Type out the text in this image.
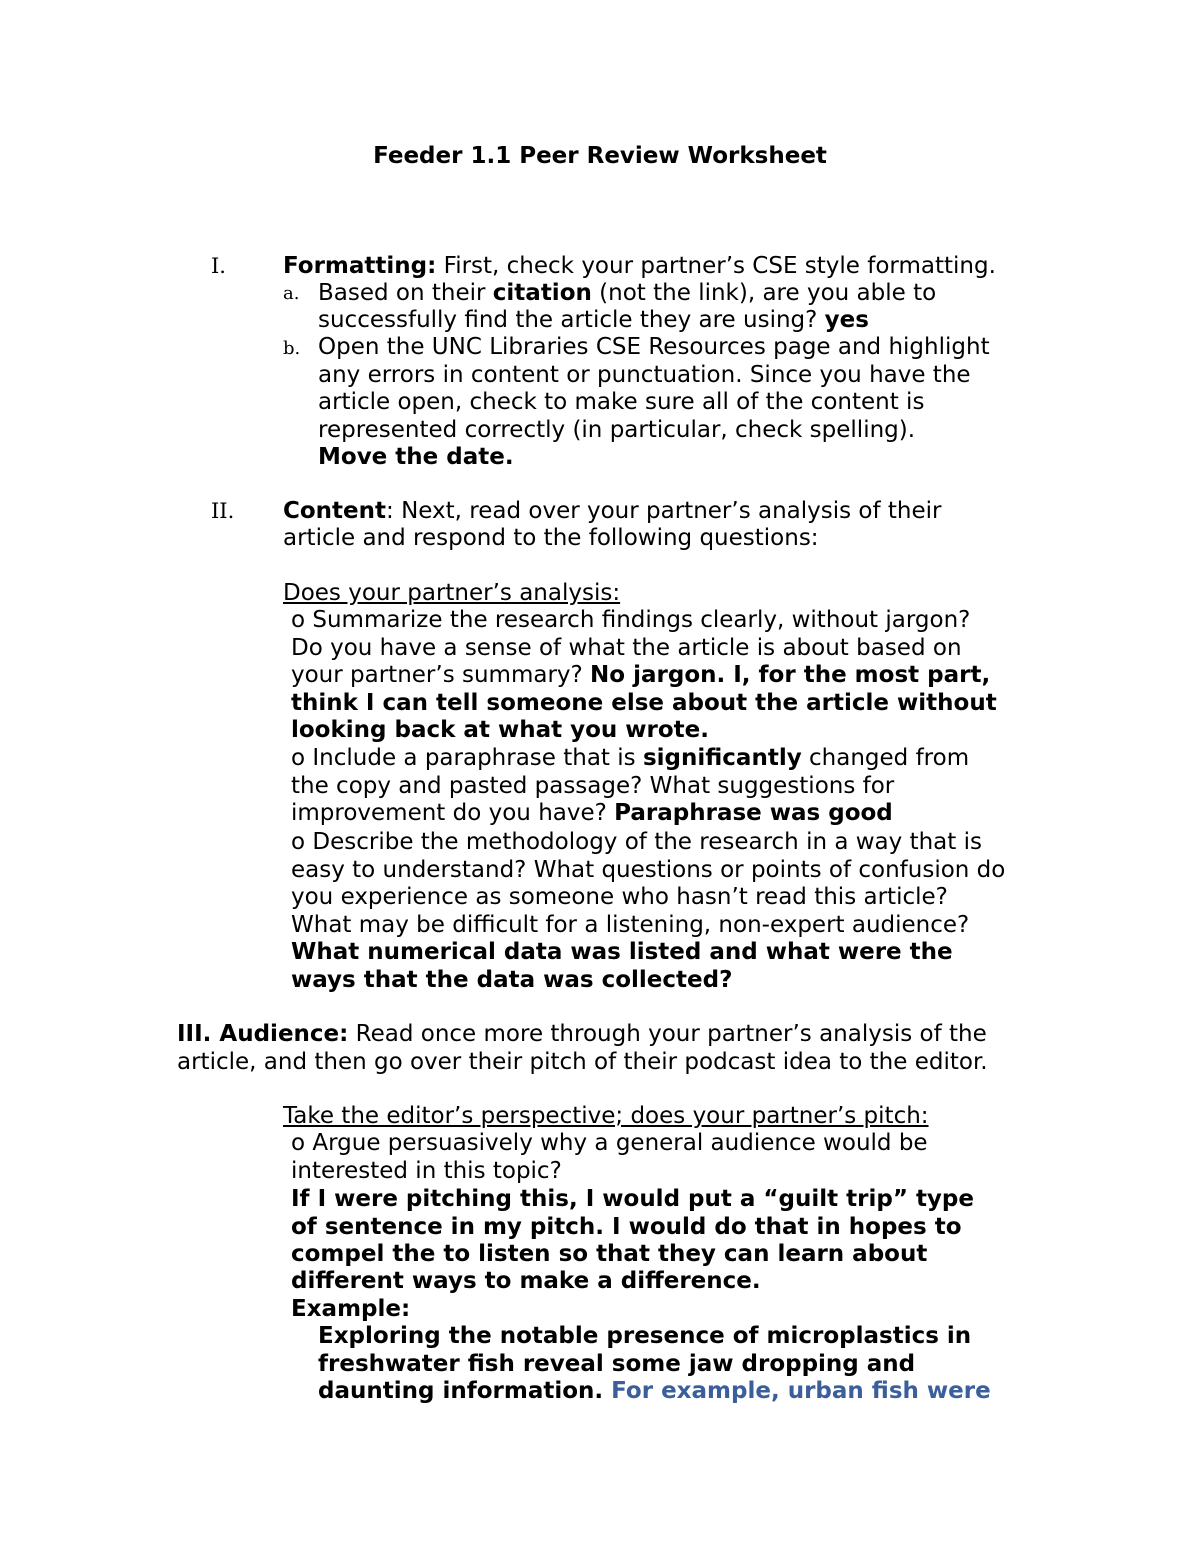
Feeder 1.1 Peer Review Worksheet
I. Formatting: First, check your partner’s CSE style formatting.
a. Based on their citation (not the link), are you able to
successfully find the article they are using? yes
b. Open the UNC Libraries CSE Resources page and highlight
any errors in content or punctuation. Since you have the
article open, check to make sure all of the content is
represented correctly (in particular, check spelling).
Move the date.
II. Content: Next, read over your partner’s analysis of their
article and respond to the following questions:
Does your partner’s analysis:
o Summarize the research findings clearly, without jargon?
Do you have a sense of what the article is about based on
your partner’s summary? No jargon. I, for the most part,
think I can tell someone else about the article without
looking back at what you wrote.
o Include a paraphrase that is significantly changed from
the copy and pasted passage? What suggestions for
improvement do you have? Paraphrase was good
o Describe the methodology of the research in a way that is
easy to understand? What questions or points of confusion do
you experience as someone who hasn’t read this article?
What may be difficult for a listening, non-expert audience?
What numerical data was listed and what were the
ways that the data was collected?
III. Audience: Read once more through your partner’s analysis of the
article, and then go over their pitch of their podcast idea to the editor.
Take the editor’s perspective; does your partner’s pitch:
o Argue persuasively why a general audience would be
interested in this topic?
If I were pitching this, I would put a “guilt trip” type
of sentence in my pitch. I would do that in hopes to
compel the to listen so that they can learn about
different ways to make a difference.
Example:
Exploring the notable presence of microplastics in
freshwater fish reveal some jaw dropping and
daunting information. For example, urban fish were
